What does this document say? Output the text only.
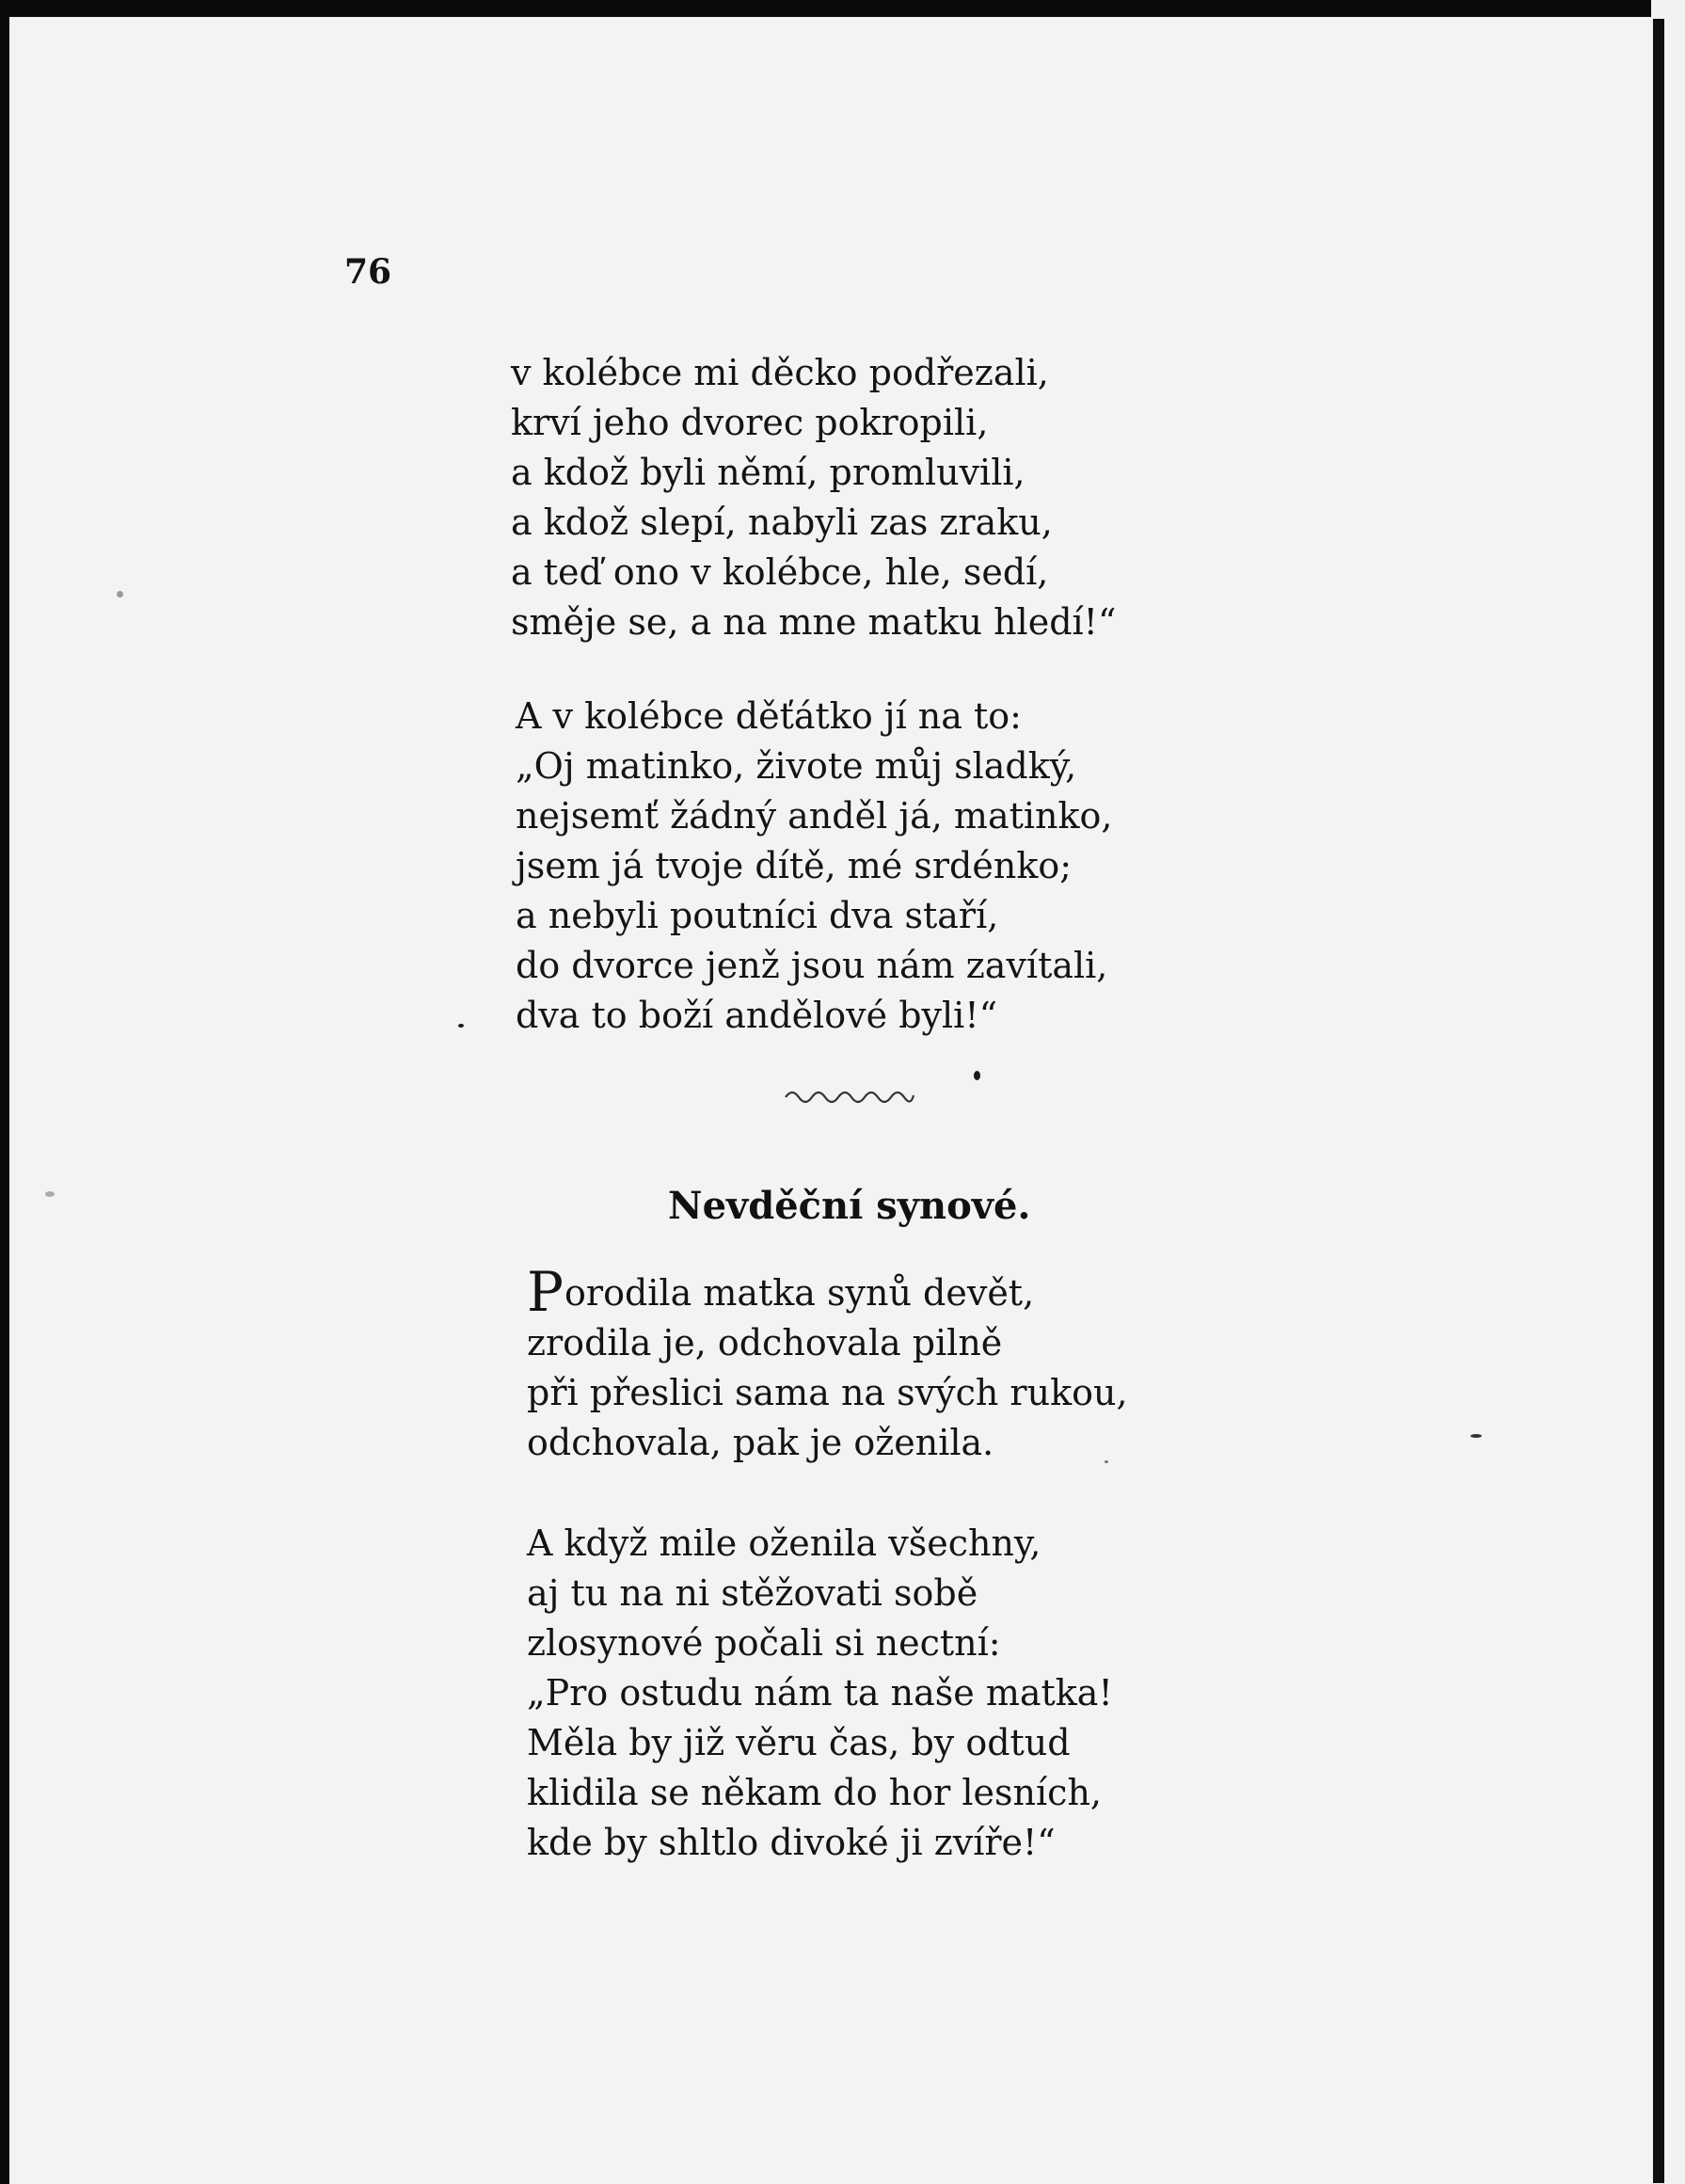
76
v kolébce mi děcko podřezali,
krví jeho dvorec pokropili,
a kdož byli němí, promluvili,
a kdož slepí, nabyli zas zraku,
a teď ono v kolébce, hle, sedí,
směje se, a na mne matku hledí!“
A v kolébce děťátko jí na to:
„Oj matinko, živote můj sladký,
nejsemť žádný anděl já, matinko,
jsem já tvoje dítě, mé srdénko;
a nebyli poutníci dva staří,
do dvorce jenž jsou nám zavítali,
dva to boží andělové byli!“
Nevděční synové.
Porodila matka synů devět,
zrodila je, odchovala pilně
při přeslici sama na svých rukou,
odchovala, pak je oženila.
A když mile oženila všechny,
aj tu na ni stěžovati sobě
zlosynové počali si nectní:
„Pro ostudu nám ta naše matka!
Měla by již věru čas, by odtud
klidila se někam do hor lesních,
kde by shltlo divoké ji zvíře!“
